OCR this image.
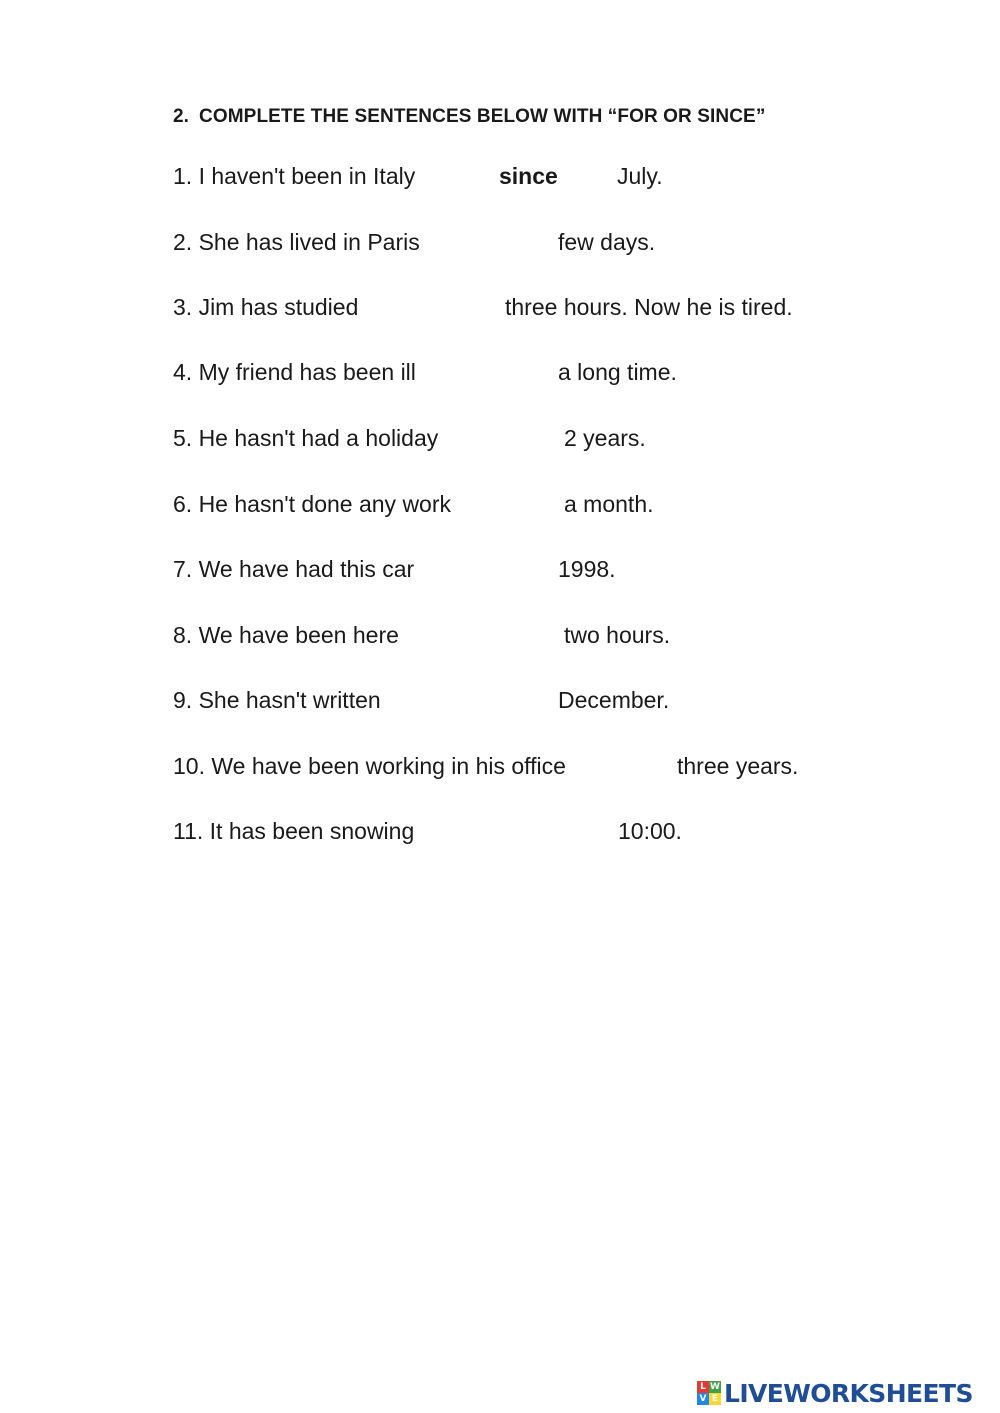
2. COMPLETE THE SENTENCES BELOW WITH “FOR OR SINCE”
1. I haven't been in Italy	since	July.
2. She has lived in Paris	few days.
3. Jim has studied	three hours. Now he is tired.
4. My friend has been ill	a long time.
5. He hasn't had a holiday	2 years.
6. He hasn't done any work	a month.
7. We have had this car	1998.
8. We have been here	two hours.
9. She hasn't written	December.
10. We have been working in his office	three years.
11. It has been snowing	10:00.
L W
V E LIVEWORKSHEETS
